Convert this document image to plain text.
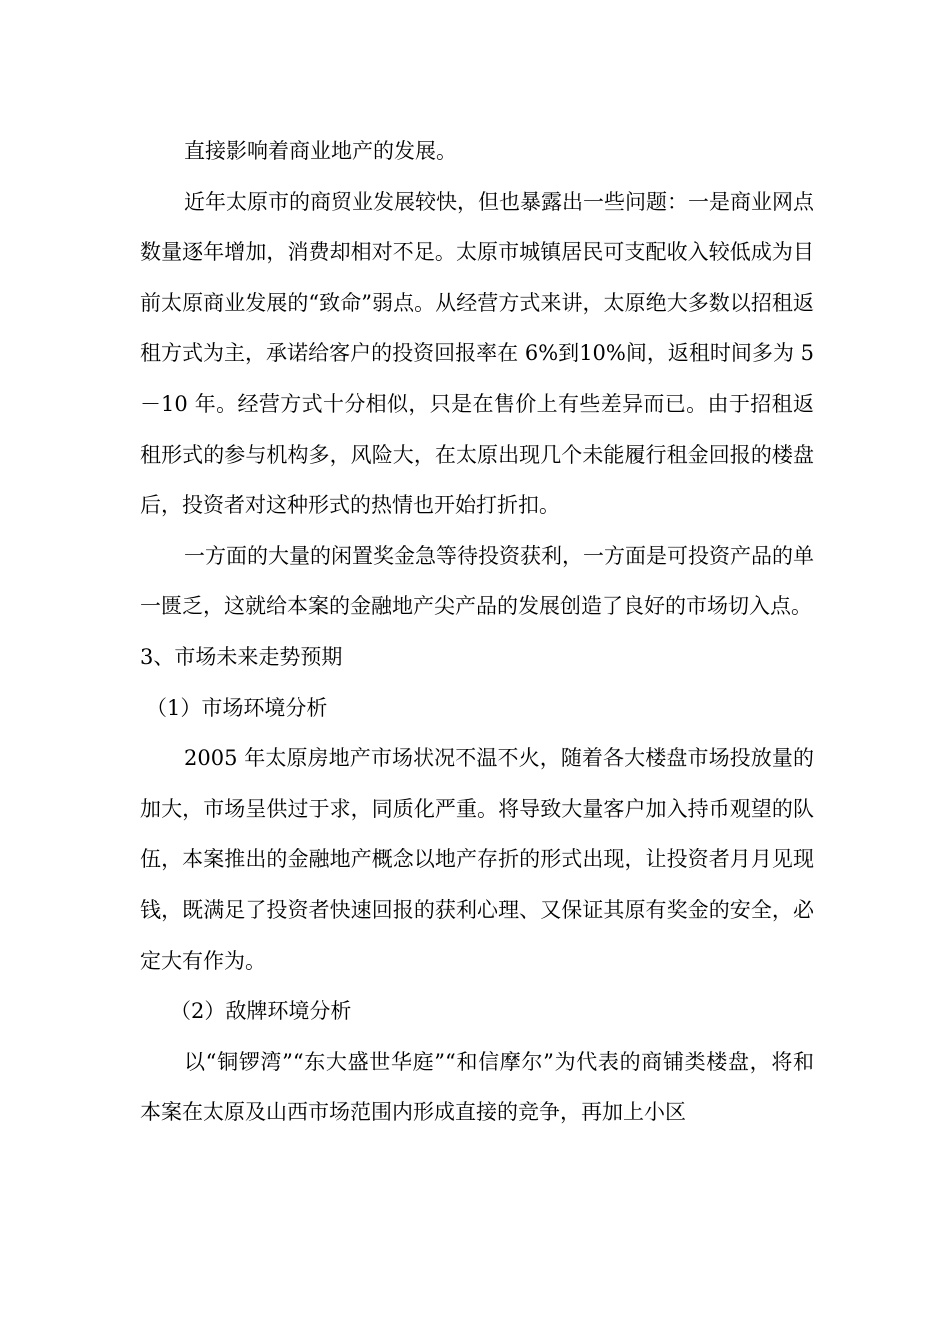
直接影响着商业地产的发展。

近年太原市的商贸业发展较快，但也暴露出一些问题：一是商业网点数量逐年增加，消费却相对不足。太原市城镇居民可支配收入较低成为目前太原商业发展的“致命”弱点。从经营方式来讲，太原绝大多数以招租返租方式为主，承诺给客户的投资回报率在 6%到10%间，返租时间多为 5－10 年。经营方式十分相似，只是在售价上有些差异而已。由于招租返租形式的参与机构多，风险大，在太原出现几个未能履行租金回报的楼盘后，投资者对这种形式的热情也开始打折扣。

一方面的大量的闲置奖金急等待投资获利，一方面是可投资产品的单一匮乏，这就给本案的金融地产尖产品的发展创造了良好的市场切入点。

3、市场未来走势预期

（1）市场环境分析

2005 年太原房地产市场状况不温不火，随着各大楼盘市场投放量的加大，市场呈供过于求，同质化严重。将导致大量客户加入持币观望的队伍，本案推出的金融地产概念以地产存折的形式出现，让投资者月月见现钱，既满足了投资者快速回报的获利心理、又保证其原有奖金的安全，必定大有作为。

（2）敌牌环境分析

以“铜锣湾”“东大盛世华庭”“和信摩尔”为代表的商铺类楼盘，将和本案在太原及山西市场范围内形成直接的竞争，再加上小区
